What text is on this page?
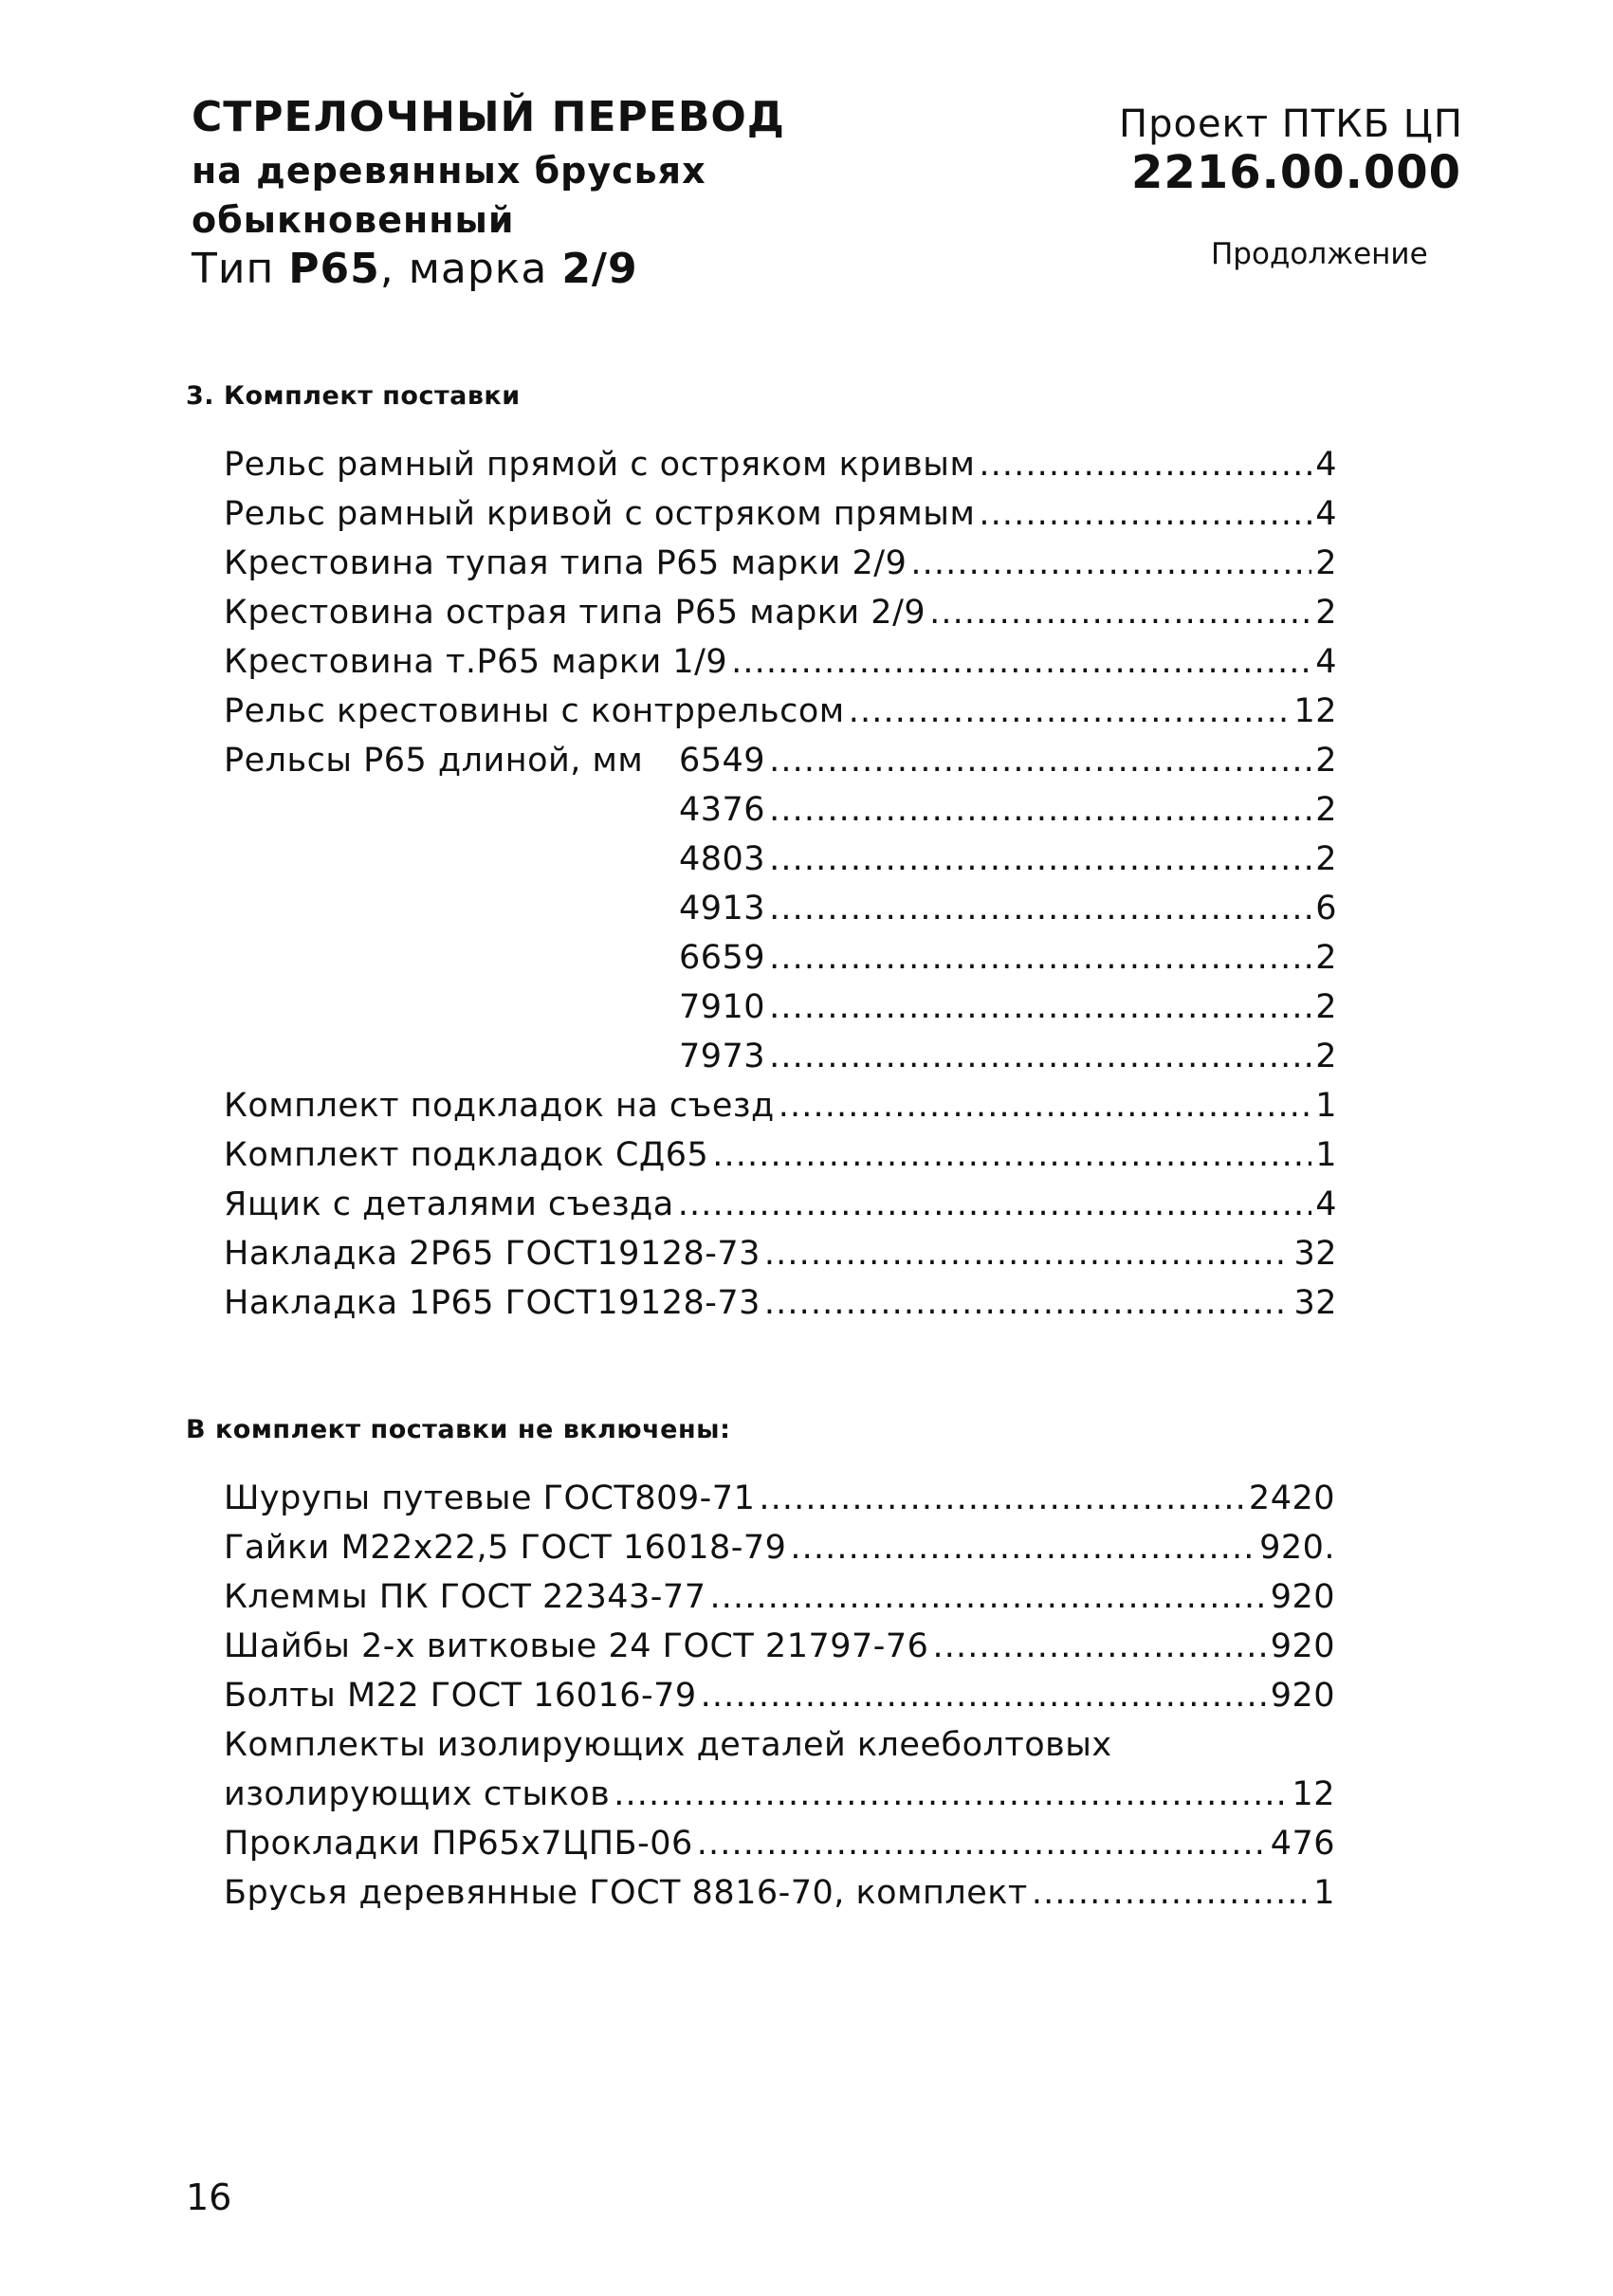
СТРЕЛОЧНЫЙ ПЕРЕВОД
на деревянных брусьях
обыкновенный
Тип Р65, марка 2/9
Проект ПТКБ ЦП
2216.00.000
Продолжение
3. Комплект поставки
Рельс рамный прямой с остряком кривым . . .	4
Рельс рамный кривой с остряком прямым . . .	4
Крестовина тупая типа Р65 марки 2/9 . . .	2
Крестовина острая типа Р65 марки 2/9 . . .	2
Крестовина т.Р65 марки 1/9 . . .	4
Рельс крестовины с контррельсом . . .	12
Рельсы Р65 длиной, мм	6549 . . .	2
4376 . . .	2
4803 . . .	2
4913 . . .	6
6659 . . .	2
7910 . . .	2
7973 . . .	2
Комплект подкладок на съезд . . .	1
Комплект подкладок СД65 . . .	1
Ящик с деталями съезда . . .	4
Накладка 2Р65 ГОСТ19128-73 . . .	32
Накладка 1Р65 ГОСТ19128-73 . . .	32
В комплект поставки не включены:
Шурупы путевые ГОСТ809-71 . . .	2420
Гайки М22х22,5 ГОСТ 16018-79 . . .	920.
Клеммы ПК ГОСТ 22343-77 . . .	920
Шайбы 2-х витковые 24 ГОСТ 21797-76 . . .	920
Болты М22 ГОСТ 16016-79 . . .	920
Комплекты изолирующих деталей клееболтовых
изолирующих стыков . . .	12
Прокладки ПР65х7ЦПБ-06 . . .	476
Брусья деревянные ГОСТ 8816-70, комплект . . .	1
16
